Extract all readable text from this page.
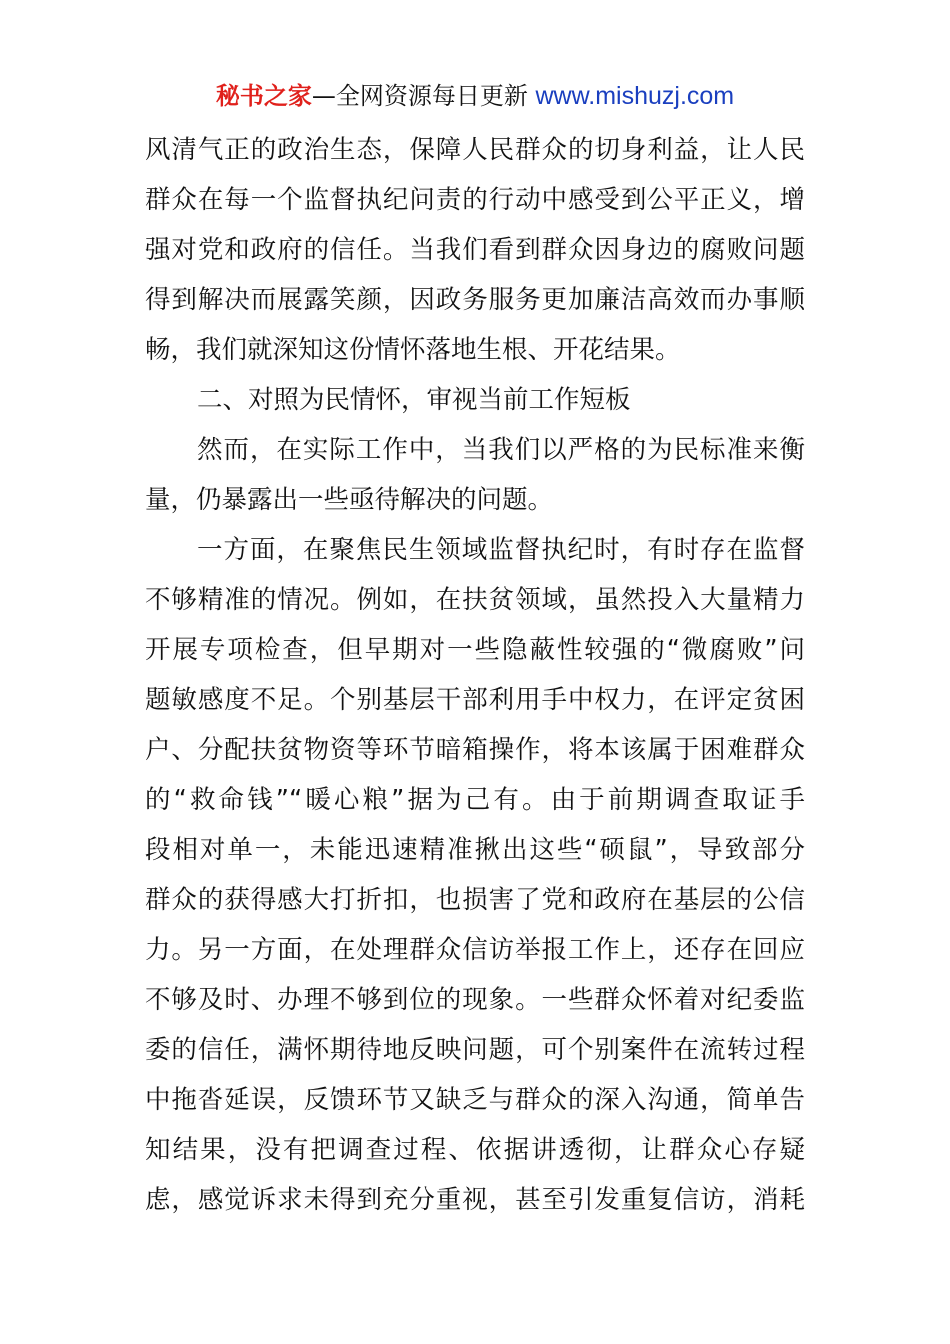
秘书之家—全网资源每日更新 www.mishuzj.com
风清气正的政治生态，保障人民群众的切身利益，让人民
群众在每一个监督执纪问责的行动中感受到公平正义，增
强对党和政府的信任。当我们看到群众因身边的腐败问题
得到解决而展露笑颜，因政务服务更加廉洁高效而办事顺
畅，我们就深知这份情怀落地生根、开花结果。
二、对照为民情怀，审视当前工作短板
然而，在实际工作中，当我们以严格的为民标准来衡
量，仍暴露出一些亟待解决的问题。
一方面，在聚焦民生领域监督执纪时，有时存在监督
不够精准的情况。例如，在扶贫领域，虽然投入大量精力
开展专项检查，但早期对一些隐蔽性较强的“微腐败”问
题敏感度不足。个别基层干部利用手中权力，在评定贫困
户、分配扶贫物资等环节暗箱操作，将本该属于困难群众
的“救命钱”“暖心粮”据为己有。由于前期调查取证手
段相对单一，未能迅速精准揪出这些“硕鼠”，导致部分
群众的获得感大打折扣，也损害了党和政府在基层的公信
力。另一方面，在处理群众信访举报工作上，还存在回应
不够及时、办理不够到位的现象。一些群众怀着对纪委监
委的信任，满怀期待地反映问题，可个别案件在流转过程
中拖沓延误，反馈环节又缺乏与群众的深入沟通，简单告
知结果，没有把调查过程、依据讲透彻，让群众心存疑
虑，感觉诉求未得到充分重视，甚至引发重复信访，消耗
